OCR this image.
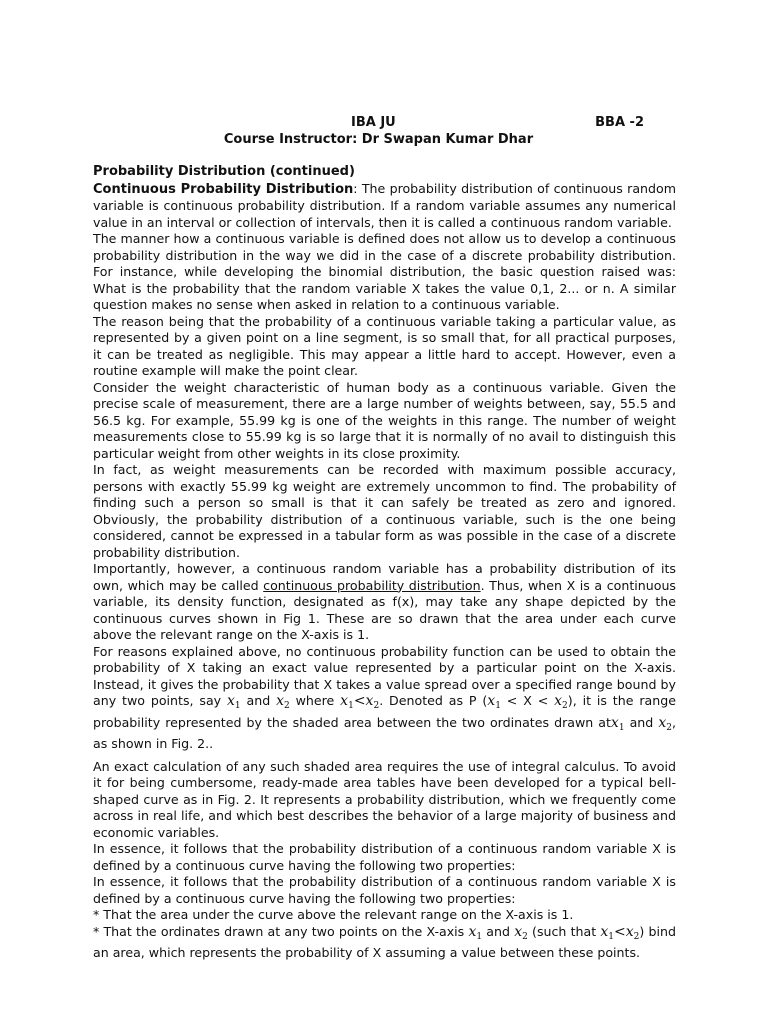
IBA JU	BBA -2
Course Instructor: Dr Swapan Kumar Dhar
Probability Distribution (continued)

Continuous Probability Distribution: The probability distribution of continuous random variable is continuous probability distribution. If a random variable assumes any numerical value in an interval or collection of intervals, then it is called a continuous random variable.

The manner how a continuous variable is defined does not allow us to develop a continuous probability distribution in the way we did in the case of a discrete probability distribution. For instance, while developing the binomial distribution, the basic question raised was: What is the probability that the random variable X takes the value 0,1, 2... or n. A similar question makes no sense when asked in relation to a continuous variable.

The reason being that the probability of a continuous variable taking a particular value, as represented by a given point on a line segment, is so small that, for all practical purposes, it can be treated as negligible. This may appear a little hard to accept. However, even a routine example will make the point clear.

Consider the weight characteristic of human body as a continuous variable. Given the precise scale of measurement, there are a large number of weights between, say, 55.5 and 56.5 kg. For example, 55.99 kg is one of the weights in this range. The number of weight measurements close to 55.99 kg is so large that it is normally of no avail to distinguish this particular weight from other weights in its close proximity.

In fact, as weight measurements can be recorded with maximum possible accuracy, persons with exactly 55.99 kg weight are extremely uncommon to find. The probability of finding such a person so small is that it can safely be treated as zero and ignored. Obviously, the probability distribution of a continuous variable, such is the one being considered, cannot be expressed in a tabular form as was possible in the case of a discrete probability distribution.

Importantly, however, a continuous random variable has a probability distribution of its own, which may be called continuous probability distribution. Thus, when X is a continuous variable, its density function, designated as f(x), may take any shape depicted by the continuous curves shown in Fig 1. These are so drawn that the area under each curve above the relevant range on the X-axis is 1.

For reasons explained above, no continuous probability function can be used to obtain the probability of X taking an exact value represented by a particular point on the X-axis. Instead, it gives the probability that X takes a value spread over a specified range bound by any two points, say $x_1$ and $x_2$ where $x_1<x_2$. Denoted as P $(x_1 < X < x_2)$, it is the range probability represented by the shaded area between the two ordinates drawn atx$_1$ and $x_2$, as shown in Fig. 2..

An exact calculation of any such shaded area requires the use of integral calculus. To avoid it for being cumbersome, ready-made area tables have been developed for a typical bell-shaped curve as in Fig. 2. It represents a probability distribution, which we frequently come across in real life, and which best describes the behavior of a large majority of business and economic variables.

In essence, it follows that the probability distribution of a continuous random variable X is defined by a continuous curve having the following two properties:

In essence, it follows that the probability distribution of a continuous random variable X is defined by a continuous curve having the following two properties:

* That the area under the curve above the relevant range on the X-axis is 1.

* That the ordinates drawn at any two points on the X-axis $x_1$ and $x_2$ (such that $x_1<x_2$) bind an area, which represents the probability of X assuming a value between these points.
